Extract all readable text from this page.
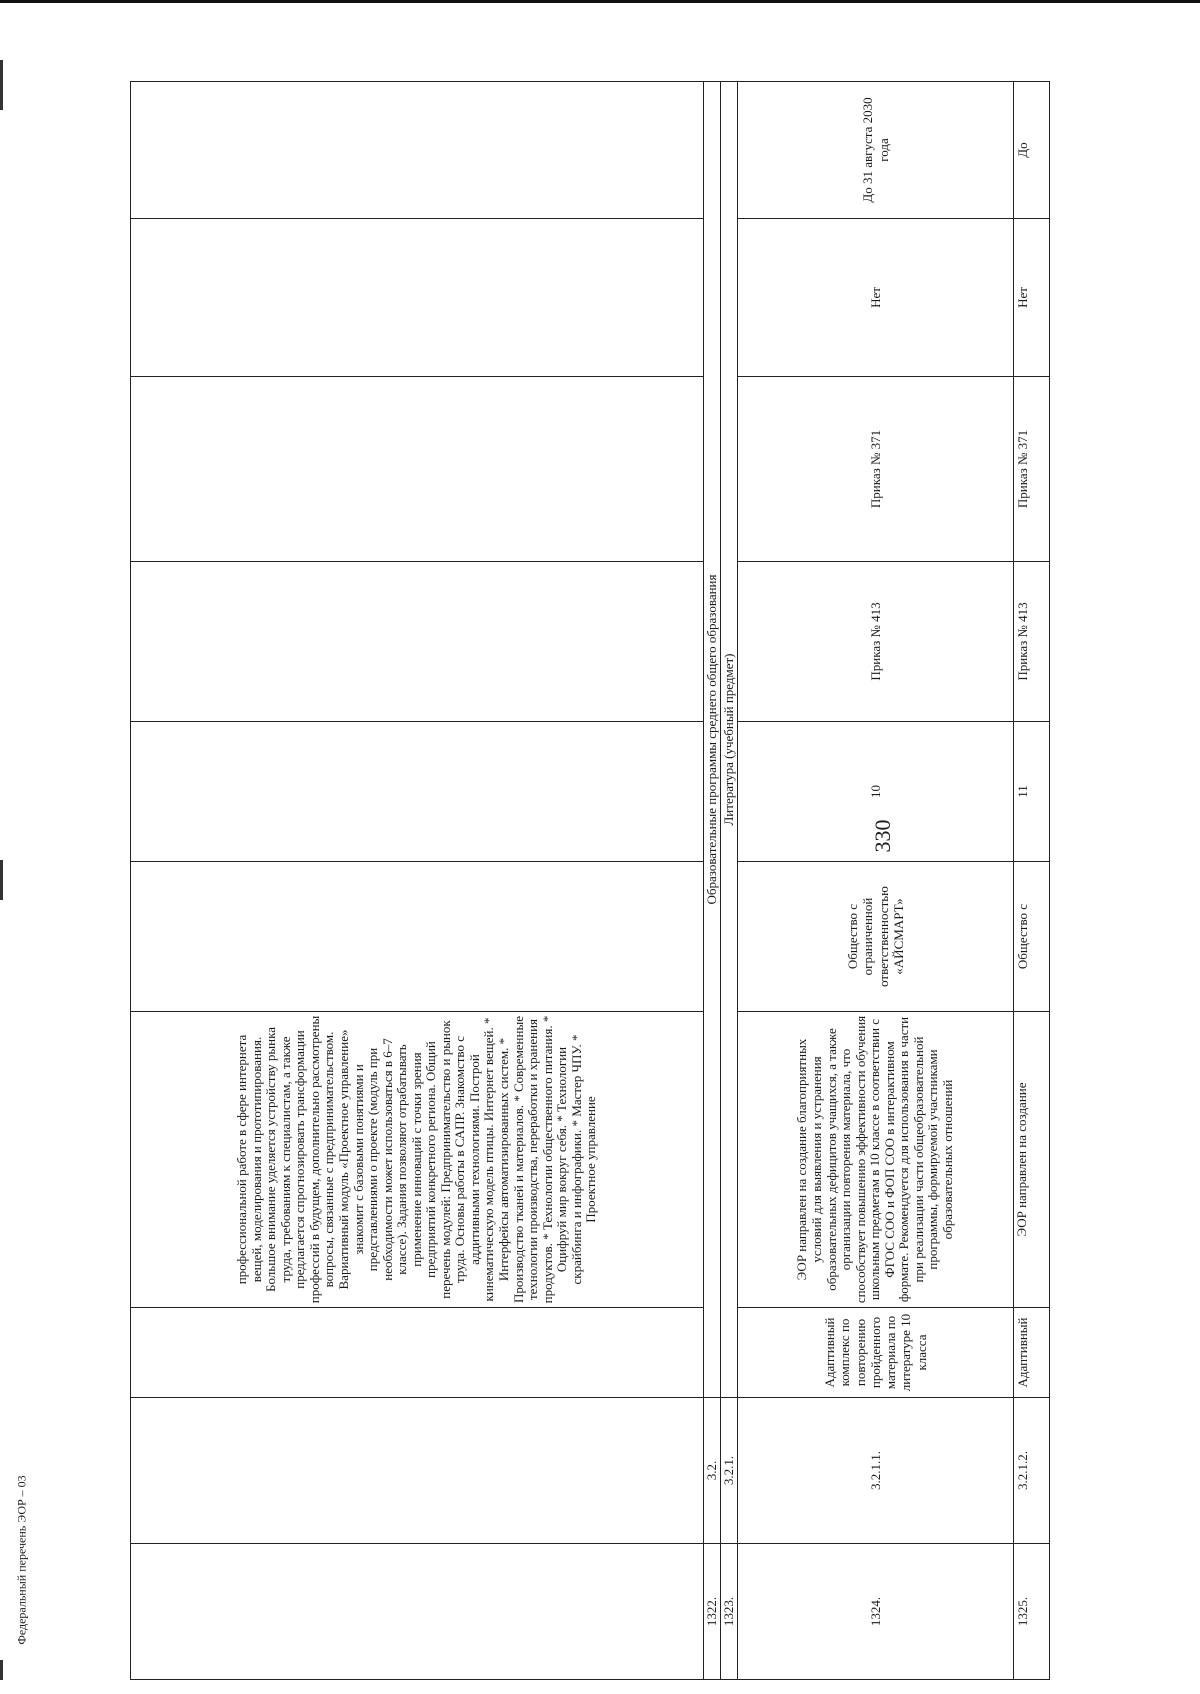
330
			профессиональной работе в сфере интернета вещей, моделирования и прототипирования. Большое внимание уделяется устройству рынка труда, требованиям к специалистам, а также предлагается спрогнозировать трансформации профессий в будущем, дополнительно рассмотрены вопросы, связанные с предпринимательством. Вариативный модуль «Проектное управление» знакомит с базовыми понятиями и представлениями о проекте (модуль при необходимости может использоваться в 6–7 классе). Задания позволяют отрабатывать применение инноваций с точки зрения предприятий конкретного региона. Общий перечень модулей: Предпринимательство и рынок труда. Основы работы в САПР. Знакомство с аддитивными технологиями. Построй кинематическую модель птицы. Интернет вещей. * Интерфейсы автоматизированных систем. * Производство тканей и материалов. * Современные технологии производства, переработки и хранения продуктов. * Технологии общественного питания. * Оцифруй мир вокруг себя. * Технологии скрайбинга и инфографики. * Мастер ЧПУ. * Проектное управление						
1322.	3.2.	Образовательные программы среднего общего образования							
1323.	3.2.1.	Литература (учебный предмет)							
1324.	3.2.1.1.	Адаптивный комплекс по повторению пройденного материала по литературе 10 класса	ЭОР направлен на создание благоприятных условий для выявления и устранения образовательных дефицитов учащихся, а также организации повторения материала, что способствует повышению эффективности обучения школьным предметам в 10 классе в соответствии с ФГОС СОО и ФОП СОО в интерактивном формате. Рекомендуется для использования в части при реализации части общеобразовательной программы, формируемой участниками образовательных отношений	Общество с ограниченной ответственностью «АЙСМАРТ»	10	Приказ № 413	Приказ № 371	Нет	До 31 августа 2030 года
1325.	3.2.1.2.	Адаптивный	ЭОР направлен на создание	Общество с	11	Приказ № 413	Приказ № 371	Нет	До
Федеральный перечень ЭОР – 03
